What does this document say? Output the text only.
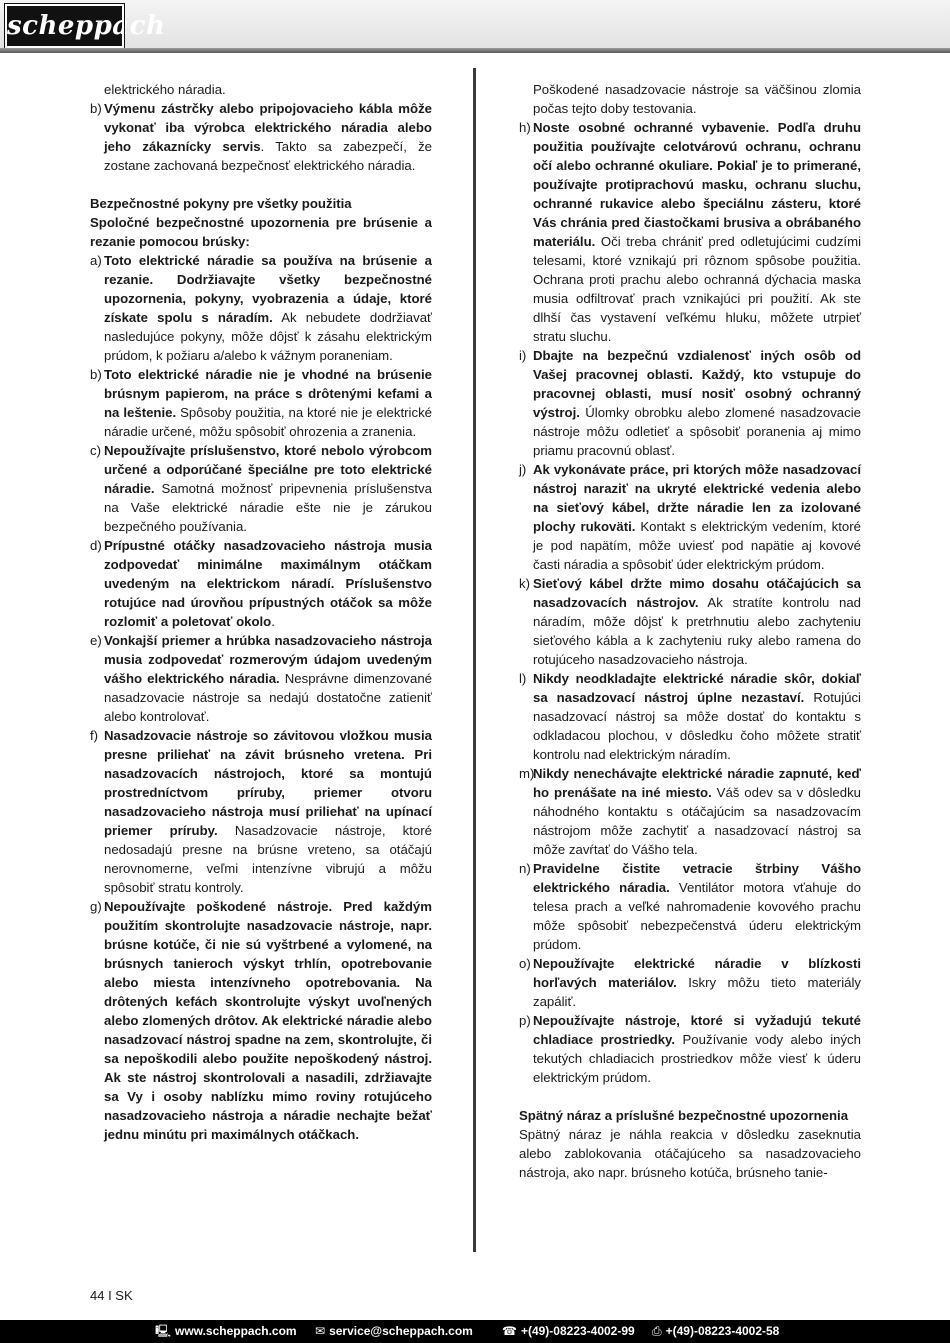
scheppach

elektrického náradia.

b) Výmenu zástrčky alebo pripojovacieho kábla môže vykonať iba výrobca elektrického náradia alebo jeho zákaznícky servis. Takto sa zabezpečí, že zostane zachovaná bezpečnosť elektrického náradia.

Bezpečnostné pokyny pre všetky použitia

Spoločné bezpečnostné upozornenia pre brúsenie a rezanie pomocou brúsky:

a) Toto elektrické náradie sa používa na brúsenie a rezanie. Dodržiavajte všetky bezpečnostné upozornenia, pokyny, vyobrazenia a údaje, ktoré získate spolu s náradím. Ak nebudete dodržiavať nasledujúce pokyny, môže dôjsť k zásahu elektrickým prúdom, k požiaru a/alebo k vážnym poraneniam.
b) Toto elektrické náradie nie je vhodné na brúsenie brúsnym papierom, na práce s drôtenými kefami a na leštenie. Spôsoby použitia, na ktoré nie je elektrické náradie určené, môžu spôsobiť ohrozenia a zranenia.
c) Nepoužívajte príslušenstvo, ktoré nebolo výrobcom určené a odporúčané špeciálne pre toto elektrické náradie. Samotná možnosť pripevnenia príslušenstva na Vaše elektrické náradie ešte nie je zárukou bezpečného používania.
d) Prípustné otáčky nasadzovacieho nástroja musia zodpovedať minimálne maximálnym otáčkam uvedeným na elektrickom náradí. Príslušenstvo rotujúce nad úrovňou prípustných otáčok sa môže rozlomiť a poletovať okolo.
e) Vonkajší priemer a hrúbka nasadzovacieho nástroja musia zodpovedať rozmerovým údajom uvedeným vášho elektrického náradia. Nesprávne dimenzované nasadzovacie nástroje sa nedajú dostatočne zatieniť alebo kontrolovať.
f) Nasadzovacie nástroje so závitovou vložkou musia presne priliehať na závit brúsneho vretena. Pri nasadzovacích nástrojoch, ktoré sa montujú prostredníctvom príruby, priemer otvoru nasadzovacieho nástroja musí priliehať na upínací priemer príruby. Nasadzovacie nástroje, ktoré nedosadajú presne na brúsne vreteno, sa otáčajú nerovnomerne, veľmi intenzívne vibrujú a môžu spôsobiť stratu kontroly.
g) Nepoužívajte poškodené nástroje. Pred každým použitím skontrolujte nasadzovacie nástroje, napr. brúsne kotúče, či nie sú vyštrbené a vylomené, na brúsnych tanieroch výskyt trhlín, opotrebovanie alebo miesta intenzívneho opotrebovania. Na drôtených kefách skontrolujte výskyt uvoľnených alebo zlomených drôtov. Ak elektrické náradie alebo nasadzovací nástroj spadne na zem, skontrolujte, či sa nepoškodili alebo použite nepoškodený nástroj. Ak ste nástroj skontrolovali a nasadili, zdržiavajte sa Vy i osoby nablízku mimo roviny rotujúceho nasadzovacieho nástroja a náradie nechajte bežať jednu minútu pri maximálnych otáčkach.

Poškodené nasadzovacie nástroje sa väčšinou zlomia počas tejto doby testovania.

h) Noste osobné ochranné vybavenie. Podľa druhu použitia používajte celotvárovú ochranu, ochranu očí alebo ochranné okuliare. Pokiaľ je to primerané, používajte protiprachovú masku, ochranu sluchu, ochranné rukavice alebo špeciálnu zásteru, ktoré Vás chránia pred čiastočkami brusiva a obrábaného materiálu. Oči treba chrániť pred odletujúcimi cudzími telesami, ktoré vznikajú pri rôznom spôsobe použitia. Ochrana proti prachu alebo ochranná dýchacia maska musia odfiltrovať prach vznikajúci pri použití. Ak ste dlhší čas vystavení veľkému hluku, môžete utrpieť stratu sluchu.
i) Dbajte na bezpečnú vzdialenosť iných osôb od Vašej pracovnej oblasti. Každý, kto vstupuje do pracovnej oblasti, musí nosiť osobný ochranný výstroj. Úlomky obrobku alebo zlomené nasadzovacie nástroje môžu odletieť a spôsobiť poranenia aj mimo priamu pracovnú oblasť.
j) Ak vykonávate práce, pri ktorých môže nasadzovací nástroj naraziť na ukryté elektrické vedenia alebo na sieťový kábel, držte náradie len za izolované plochy rukoväti. Kontakt s elektrickým vedením, ktoré je pod napätím, môže uviesť pod napätie aj kovové časti náradia a spôsobiť úder elektrickým prúdom.
k) Sieťový kábel držte mimo dosahu otáčajúcich sa nasadzovacích nástrojov. Ak stratíte kontrolu nad náradím, môže dôjsť k pretrhnutiu alebo zachyteniu sieťového kábla a k zachyteniu ruky alebo ramena do rotujúceho nasadzovacieho nástroja.
l) Nikdy neodkladajte elektrické náradie skôr, dokiaľ sa nasadzovací nástroj úplne nezastaví. Rotujúci nasadzovací nástroj sa môže dostať do kontaktu s odkladacou plochou, v dôsledku čoho môžete stratiť kontrolu nad elektrickým náradím.
m)
Nikdy nenechávajte elektrické náradie zapnuté, keď ho prenášate na iné miesto. Váš odev sa v dôsledku náhodného kontaktu s otáčajúcim sa nasadzovacím nástrojom môže zachytiť a nasadzovací nástroj sa môže zavŕtať do Vášho tela.
n) Pravidelne čistite vetracie štrbiny Vášho elektrického náradia. Ventilátor motora vťahuje do telesa prach a veľké nahromadenie kovového prachu môže spôsobiť nebezpečenstvá úderu elektrickým prúdom.
o) Nepoužívajte elektrické náradie v blízkosti horľavých materiálov. Iskry môžu tieto materiály zapáliť.
p) Nepoužívajte nástroje, ktoré si vyžadujú tekuté chladiace prostriedky. Používanie vody alebo iných tekutých chladiacich prostriedkov môže viesť k úderu elektrickým prúdom.

Spätný náraz a príslušné bezpečnostné upozornenia

Spätný náraz je náhla reakcia v dôsledku zaseknutia alebo zablokovania otáčajúceho sa nasadzovacieho nástroja, ako napr. brúsneho kotúča, brúsneho tanie-

44 I SK
🖳 www.scheppach.com ✉ service@scheppach.com ☎ +(49)-08223-4002-99 ⎙ +(49)-08223-4002-58
